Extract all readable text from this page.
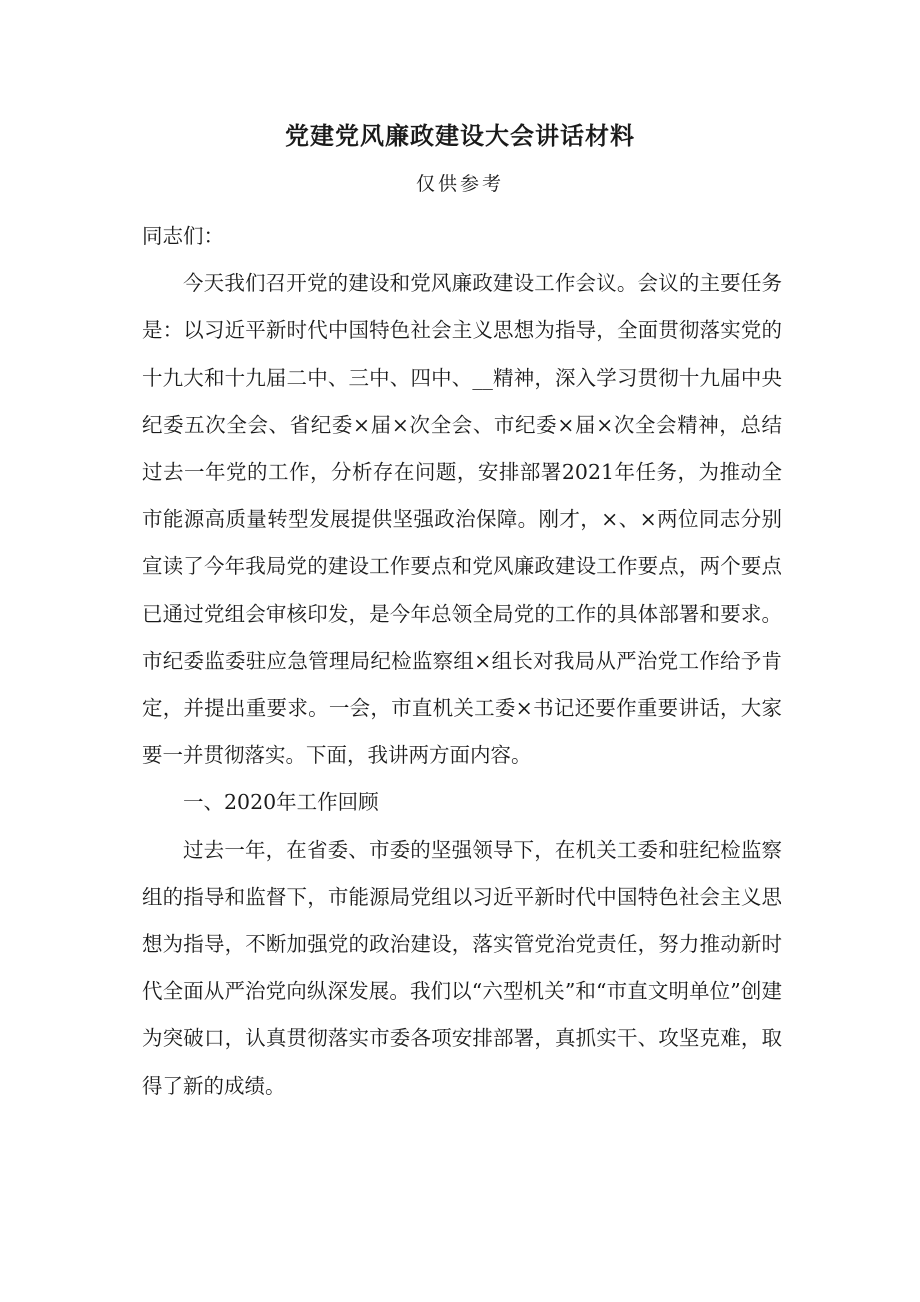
党建党风廉政建设大会讲话材料
仅供参考

同志们：

今天我们召开党的建设和党风廉政建设工作会议。会议的主要任务是：以习近平新时代中国特色社会主义思想为指导，全面贯彻落实党的十九大和十九届二中、三中、四中、__精神，深入学习贯彻十九届中央纪委五次全会、省纪委×届×次全会、市纪委×届×次全会精神，总结过去一年党的工作，分析存在问题，安排部署2021年任务，为推动全市能源高质量转型发展提供坚强政治保障。刚才，×、×两位同志分别宣读了今年我局党的建设工作要点和党风廉政建设工作要点，两个要点已通过党组会审核印发，是今年总领全局党的工作的具体部署和要求。市纪委监委驻应急管理局纪检监察组×组长对我局从严治党工作给予肯定，并提出重要求。一会，市直机关工委×书记还要作重要讲话，大家要一并贯彻落实。下面，我讲两方面内容。

一、2020年工作回顾

过去一年，在省委、市委的坚强领导下，在机关工委和驻纪检监察组的指导和监督下，市能源局党组以习近平新时代中国特色社会主义思想为指导，不断加强党的政治建设，落实管党治党责任，努力推动新时代全面从严治党向纵深发展。我们以“六型机关”和“市直文明单位”创建为突破口，认真贯彻落实市委各项安排部署，真抓实干、攻坚克难，取得了新的成绩。
